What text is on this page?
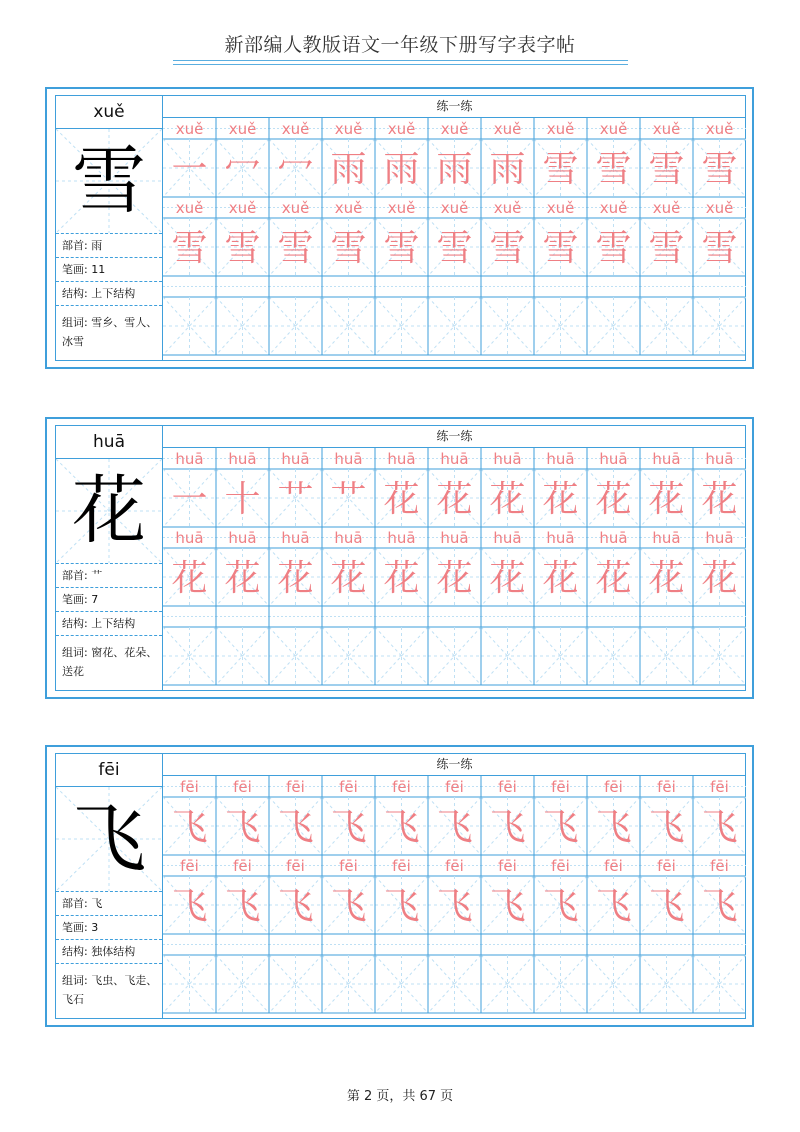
新部编人教版语文一年级下册写字表字帖
xuě
雪
部首: 雨
笔画: 11
结构: 上下结构
组词: 雪乡、雪人、冰雪
练一练
xuě xuě xuě xuě xuě xuě xuě xuě xuě xuě xuě
一 冖 冖 雨 雨 雨 雨 雪 雪 雪 雪
xuě xuě xuě xuě xuě xuě xuě xuě xuě xuě xuě
雪 雪 雪 雪 雪 雪 雪 雪 雪 雪 雪
huā
花
部首: 艹
笔画: 7
结构: 上下结构
组词: 窗花、花朵、送花
练一练
huā huā huā huā huā huā huā huā huā huā huā
一 十 艹 艹 花 花 花 花 花 花 花
huā huā huā huā huā huā huā huā huā huā huā
花 花 花 花 花 花 花 花 花 花 花
fēi
飞
部首: 飞
笔画: 3
结构: 独体结构
组词: 飞虫、飞走、飞石
练一练
fēi fēi fēi fēi fēi fēi fēi fēi fēi fēi fēi
飞 飞 飞 飞 飞 飞 飞 飞 飞 飞 飞
fēi fēi fēi fēi fēi fēi fēi fēi fēi fēi fēi
飞 飞 飞 飞 飞 飞 飞 飞 飞 飞 飞
第 2 页，共 67 页
